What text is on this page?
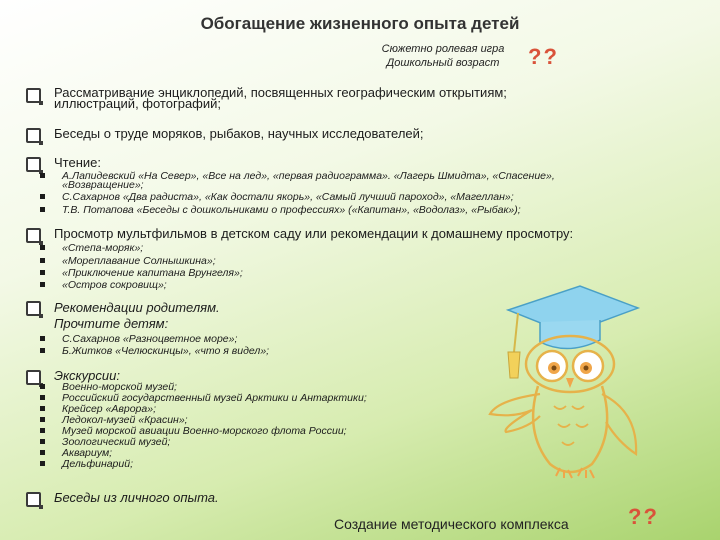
Обогащение жизненного опыта детей
Сюжетно ролевая игра
Дошкольный возраст	??
Рассматривание энциклопедий, посвященных географическим открытиям;
иллюстраций, фотографий;
Беседы о труде моряков, рыбаков, научных исследователей;
Чтение:
А.Лапидевский «На Север», «Все на лед», «первая радиограмма». «Лагерь Шмидта», «Спасение»,
«Возвращение»;
С.Сахарнов «Два радиста», «Как достали якорь», «Самый лучший пароход», «Магеллан»;
Т.В. Потапова «Беседы с дошкольниками о профессиях» («Капитан», «Водолаз», «Рыбак»);
Просмотр мультфильмов в детском саду или рекомендации к домашнему просмотру:
«Степа-моряк»;
«Мореплавание Солнышкина»;
«Приключение капитана Врунгеля»;
«Остров сокровищ»;
Рекомендации родителям.
Прочтите детям:
С.Сахарнов «Разноцветное море»;
Б.Житков «Челюскинцы», «что я видел»;
Экскурсии:
Военно-морской музей;
Российский государственный музей Арктики и Антарктики;
Крейсер «Аврора»;
Ледокол-музей «Красин»;
Музей морской авиации Военно-морского флота России;
Зоологический музей;
Аквариум;
Дельфинарий;
Беседы из личного опыта.
Создание методического комплекса	??
